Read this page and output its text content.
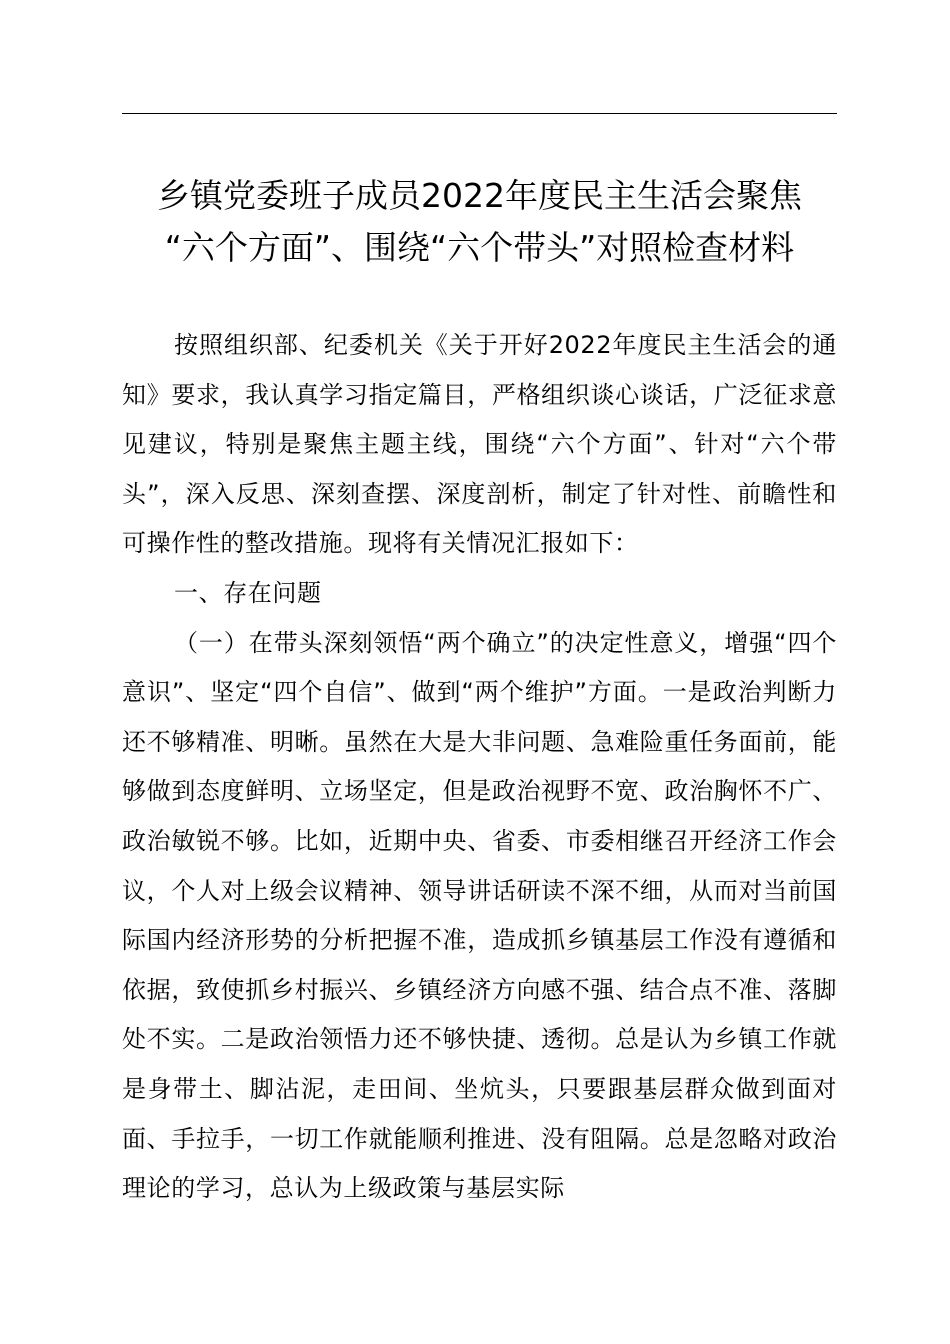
乡镇党委班子成员2022年度民主生活会聚焦
“六个方面”、围绕“六个带头”对照检查材料

按照组织部、纪委机关《关于开好2022年度民主生活会的通知》要求，我认真学习指定篇目，严格组织谈心谈话，广泛征求意见建议，特别是聚焦主题主线，围绕“六个方面”、针对“六个带头”，深入反思、深刻查摆、深度剖析，制定了针对性、前瞻性和可操作性的整改措施。现将有关情况汇报如下：

一、存在问题

（一）在带头深刻领悟“两个确立”的决定性意义，增强“四个意识”、坚定“四个自信”、做到“两个维护”方面。一是政治判断力还不够精准、明晰。虽然在大是大非问题、急难险重任务面前，能够做到态度鲜明、立场坚定，但是政治视野不宽、政治胸怀不广、政治敏锐不够。比如，近期中央、省委、市委相继召开经济工作会议，个人对上级会议精神、领导讲话研读不深不细，从而对当前国际国内经济形势的分析把握不准，造成抓乡镇基层工作没有遵循和依据，致使抓乡村振兴、乡镇经济方向感不强、结合点不准、落脚处不实。二是政治领悟力还不够快捷、透彻。总是认为乡镇工作就是身带土、脚沾泥，走田间、坐炕头，只要跟基层群众做到面对面、手拉手，一切工作就能顺利推进、没有阻隔。总是忽略对政治理论的学习，总认为上级政策与基层实际
